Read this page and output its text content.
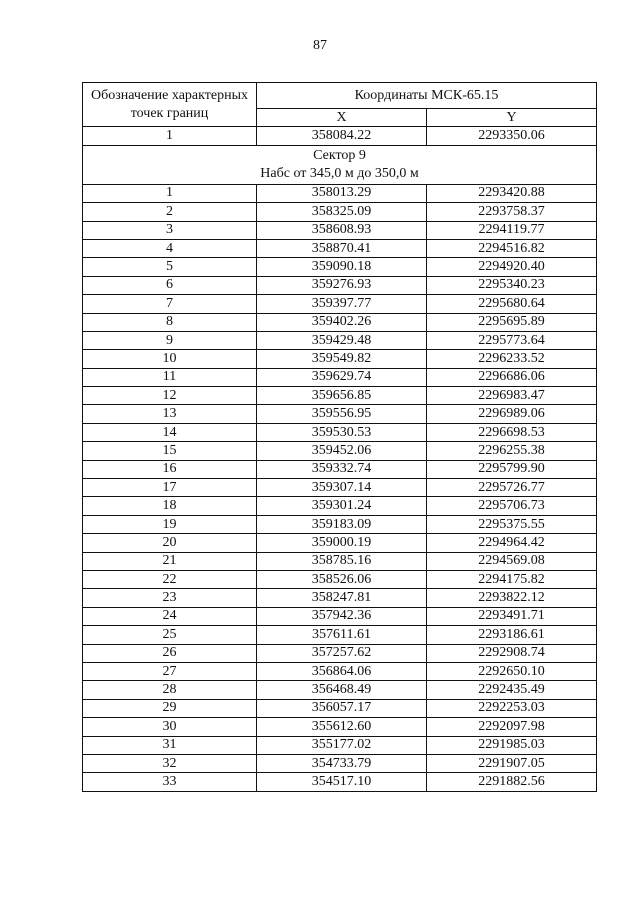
87
Обозначение характерных
точек границ	Координаты МСК-65.15	
	X	Y
1	358084.22	2293350.06

Сектор 9
Набс от 345,0 м до 350,0 м		

1	358013.29	2293420.88
2	358325.09	2293758.37
3	358608.93	2294119.77
4	358870.41	2294516.82
5	359090.18	2294920.40
6	359276.93	2295340.23
7	359397.77	2295680.64
8	359402.26	2295695.89
9	359429.48	2295773.64
10	359549.82	2296233.52
11	359629.74	2296686.06
12	359656.85	2296983.47
13	359556.95	2296989.06
14	359530.53	2296698.53
15	359452.06	2296255.38
16	359332.74	2295799.90
17	359307.14	2295726.77
18	359301.24	2295706.73
19	359183.09	2295375.55
20	359000.19	2294964.42
21	358785.16	2294569.08
22	358526.06	2294175.82
23	358247.81	2293822.12
24	357942.36	2293491.71
25	357611.61	2293186.61
26	357257.62	2292908.74
27	356864.06	2292650.10
28	356468.49	2292435.49
29	356057.17	2292253.03
30	355612.60	2292097.98
31	355177.02	2291985.03
32	354733.79	2291907.05
33	354517.10	2291882.56
